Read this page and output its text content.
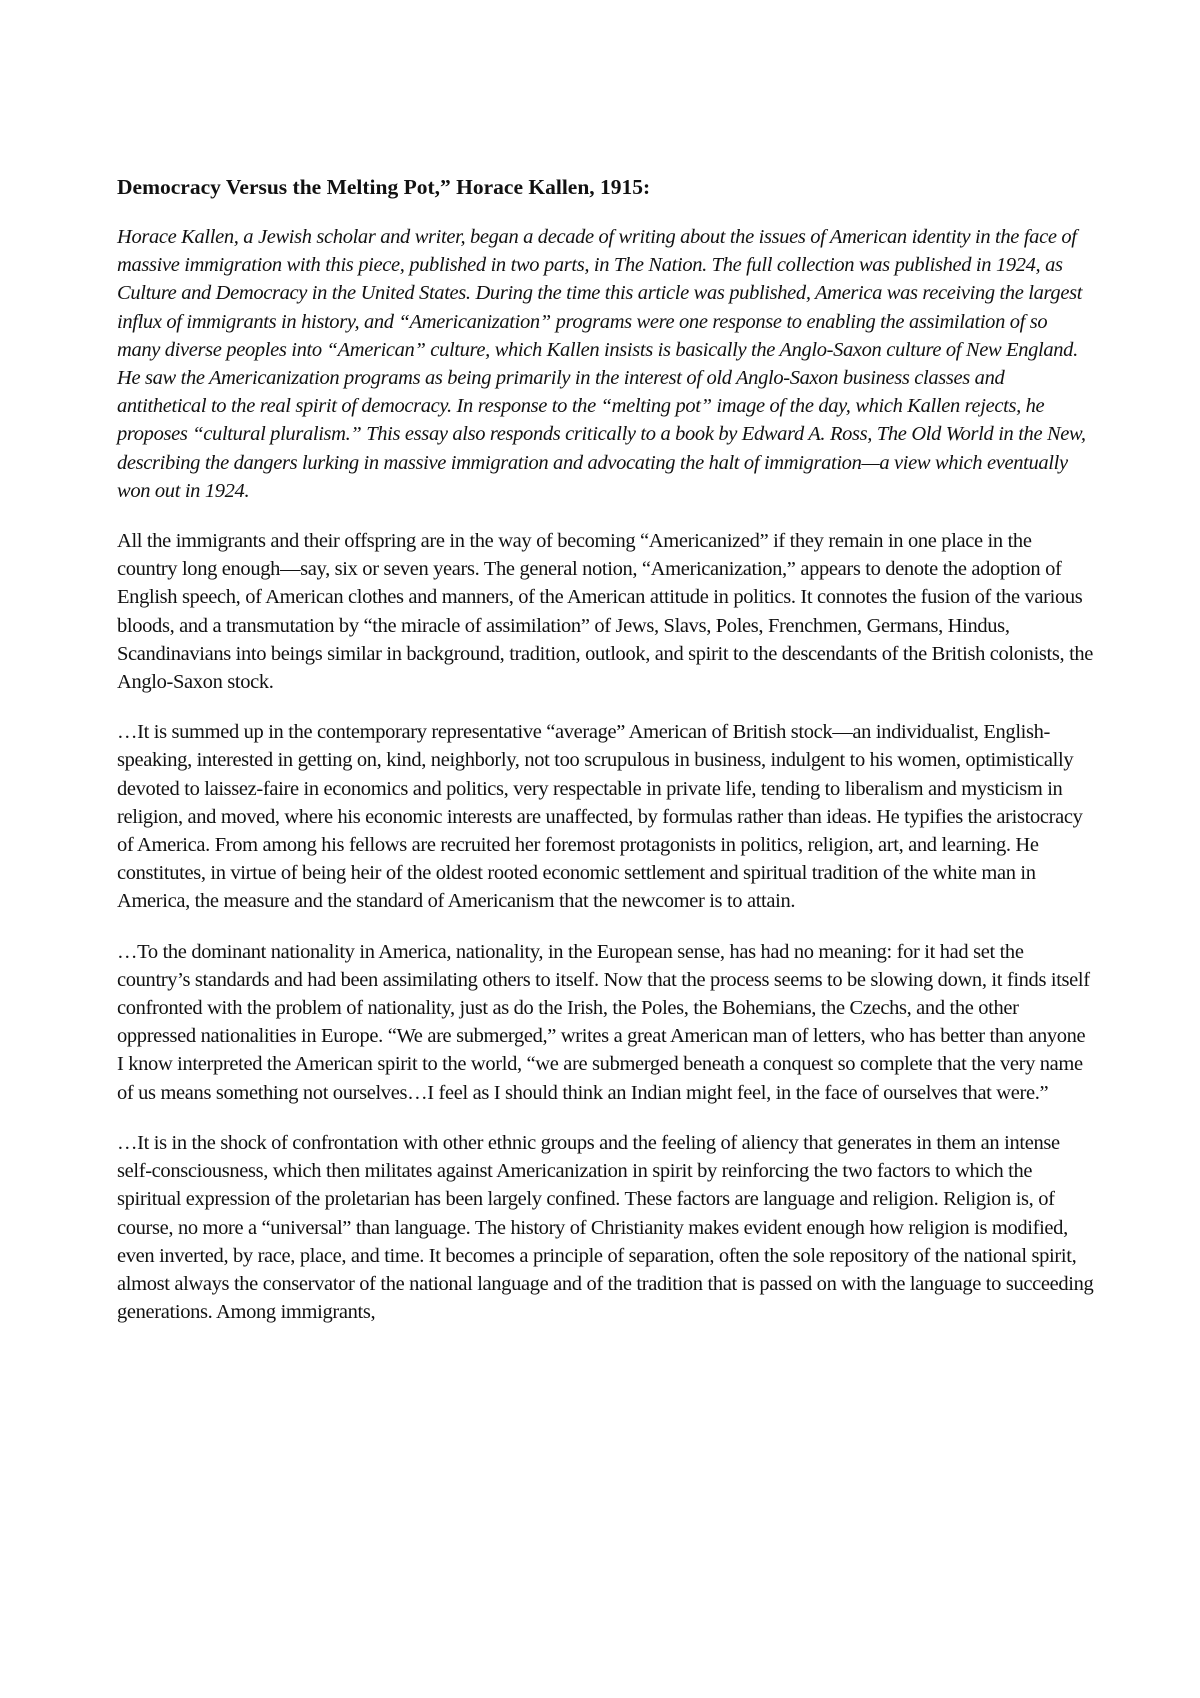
Democracy Versus the Melting Pot,” Horace Kallen, 1915:

Horace Kallen, a Jewish scholar and writer, began a decade of writing about the issues of American identity in the face of massive immigration with this piece, published in two parts, in The Nation. The full collection was published in 1924, as Culture and Democracy in the United States. During the time this article was published, America was receiving the largest influx of immigrants in history, and “Americanization” programs were one response to enabling the assimilation of so many diverse peoples into “American” culture, which Kallen insists is basically the Anglo-Saxon culture of New England. He saw the Americanization programs as being primarily in the interest of old Anglo-Saxon business classes and antithetical to the real spirit of democracy. In response to the “melting pot” image of the day, which Kallen rejects, he proposes “cultural pluralism.” This essay also responds critically to a book by Edward A. Ross, The Old World in the New, describing the dangers lurking in massive immigration and advocating the halt of immigration—a view which eventually won out in 1924.

All the immigrants and their offspring are in the way of becoming “Americanized” if they remain in one place in the country long enough—say, six or seven years. The general notion, “Americanization,” appears to denote the adoption of English speech, of American clothes and manners, of the American attitude in politics. It connotes the fusion of the various bloods, and a transmutation by “the miracle of assimilation” of Jews, Slavs, Poles, Frenchmen, Germans, Hindus, Scandinavians into beings similar in background, tradition, outlook, and spirit to the descendants of the British colonists, the Anglo-Saxon stock.

…It is summed up in the contemporary representative “average” American of British stock—an individualist, English-speaking, interested in getting on, kind, neighborly, not too scrupulous in business, indulgent to his women, optimistically devoted to laissez-faire in economics and politics, very respectable in private life, tending to liberalism and mysticism in religion, and moved, where his economic interests are unaffected, by formulas rather than ideas. He typifies the aristocracy of America. From among his fellows are recruited her foremost protagonists in politics, religion, art, and learning. He constitutes, in virtue of being heir of the oldest rooted economic settlement and spiritual tradition of the white man in America, the measure and the standard of Americanism that the newcomer is to attain.

…To the dominant nationality in America, nationality, in the European sense, has had no meaning: for it had set the country’s standards and had been assimilating others to itself. Now that the process seems to be slowing down, it finds itself confronted with the problem of nationality, just as do the Irish, the Poles, the Bohemians, the Czechs, and the other oppressed nationalities in Europe. “We are submerged,” writes a great American man of letters, who has better than anyone I know interpreted the American spirit to the world, “we are submerged beneath a conquest so complete that the very name of us means something not ourselves…I feel as I should think an Indian might feel, in the face of ourselves that were.”

…It is in the shock of confrontation with other ethnic groups and the feeling of aliency that generates in them an intense self-consciousness, which then militates against Americanization in spirit by reinforcing the two factors to which the spiritual expression of the proletarian has been largely confined. These factors are language and religion. Religion is, of course, no more a “universal” than language. The history of Christianity makes evident enough how religion is modified, even inverted, by race, place, and time. It becomes a principle of separation, often the sole repository of the national spirit, almost always the conservator of the national language and of the tradition that is passed on with the language to succeeding generations. Among immigrants,
